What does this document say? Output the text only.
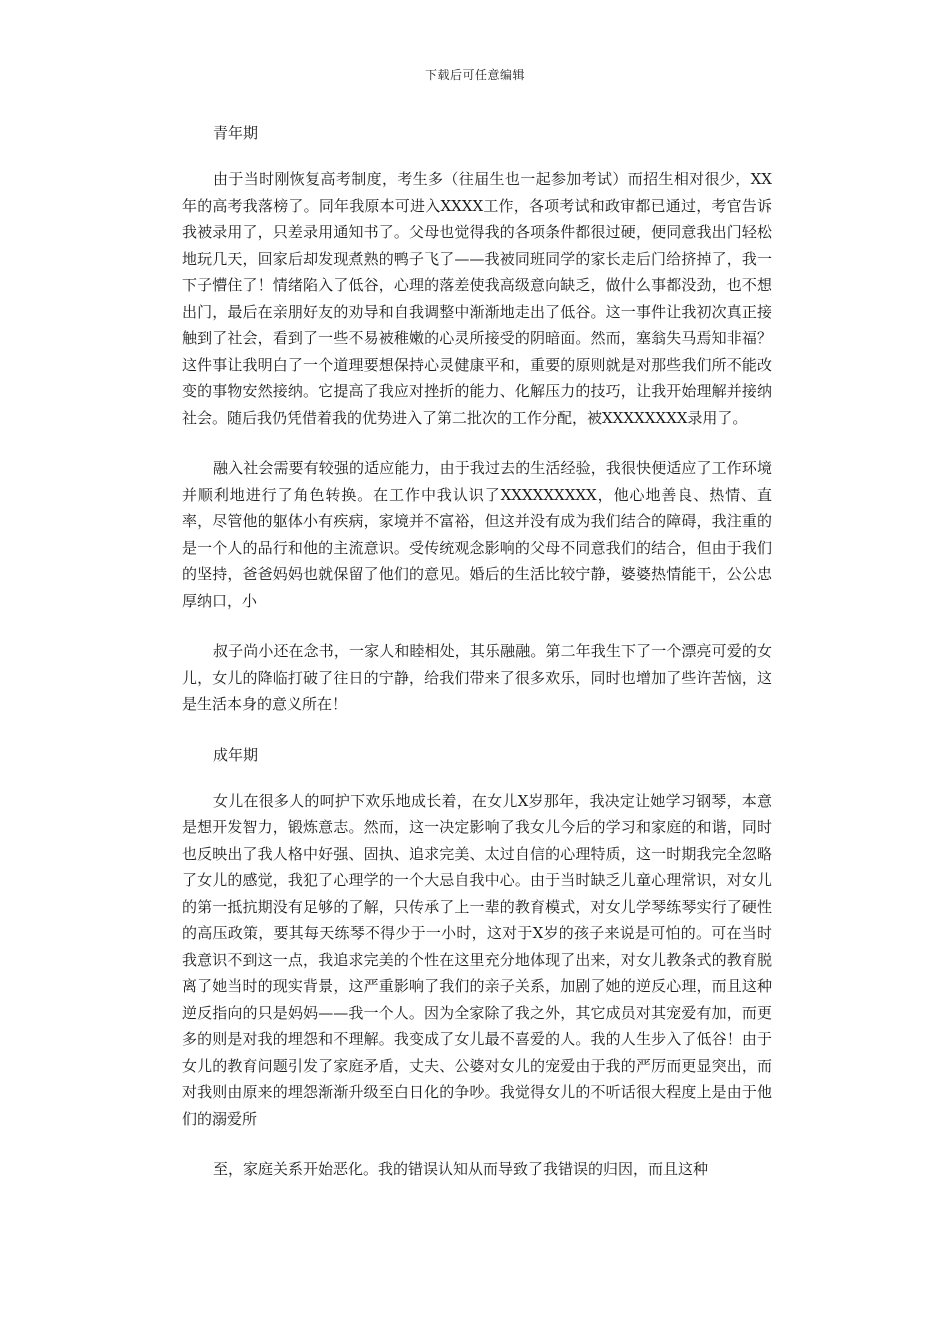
下载后可任意编辑

青年期

由于当时刚恢复高考制度，考生多（往届生也一起参加考试）而招生相对很少，XX年的高考我落榜了。同年我原本可进入XXXX工作，各项考试和政审都已通过，考官告诉我被录用了，只差录用通知书了。父母也觉得我的各项条件都很过硬，便同意我出门轻松地玩几天，回家后却发现煮熟的鸭子飞了——我被同班同学的家长走后门给挤掉了，我一下子懵住了！情绪陷入了低谷，心理的落差使我高级意向缺乏，做什么事都没劲，也不想出门，最后在亲朋好友的劝导和自我调整中渐渐地走出了低谷。这一事件让我初次真正接触到了社会，看到了一些不易被稚嫩的心灵所接受的阴暗面。然而，塞翁失马焉知非福？这件事让我明白了一个道理要想保持心灵健康平和，重要的原则就是对那些我们所不能改变的事物安然接纳。它提高了我应对挫折的能力、化解压力的技巧，让我开始理解并接纳社会。随后我仍凭借着我的优势进入了第二批次的工作分配，被XXXXXXXX录用了。

融入社会需要有较强的适应能力，由于我过去的生活经验，我很快便适应了工作环境并顺利地进行了角色转换。在工作中我认识了XXXXXXXXX，他心地善良、热情、直率，尽管他的躯体小有疾病，家境并不富裕，但这并没有成为我们结合的障碍，我注重的是一个人的品行和他的主流意识。受传统观念影响的父母不同意我们的结合，但由于我们的坚持，爸爸妈妈也就保留了他们的意见。婚后的生活比较宁静，婆婆热情能干，公公忠厚纳口，小

叔子尚小还在念书，一家人和睦相处，其乐融融。第二年我生下了一个漂亮可爱的女儿，女儿的降临打破了往日的宁静，给我们带来了很多欢乐，同时也增加了些许苦恼，这是生活本身的意义所在！

成年期

女儿在很多人的呵护下欢乐地成长着，在女儿X岁那年，我决定让她学习钢琴，本意是想开发智力，锻炼意志。然而，这一决定影响了我女儿今后的学习和家庭的和谐，同时也反映出了我人格中好强、固执、追求完美、太过自信的心理特质，这一时期我完全忽略了女儿的感觉，我犯了心理学的一个大忌自我中心。由于当时缺乏儿童心理常识，对女儿的第一抵抗期没有足够的了解，只传承了上一辈的教育模式，对女儿学琴练琴实行了硬性的高压政策，要其每天练琴不得少于一小时，这对于X岁的孩子来说是可怕的。可在当时我意识不到这一点，我追求完美的个性在这里充分地体现了出来，对女儿教条式的教育脱离了她当时的现实背景，这严重影响了我们的亲子关系，加剧了她的逆反心理，而且这种逆反指向的只是妈妈——我一个人。因为全家除了我之外，其它成员对其宠爱有加，而更多的则是对我的埋怨和不理解。我变成了女儿最不喜爱的人。我的人生步入了低谷！由于女儿的教育问题引发了家庭矛盾，丈夫、公婆对女儿的宠爱由于我的严厉而更显突出，而对我则由原来的埋怨渐渐升级至白日化的争吵。我觉得女儿的不听话很大程度上是由于他们的溺爱所

至，家庭关系开始恶化。我的错误认知从而导致了我错误的归因，而且这种
